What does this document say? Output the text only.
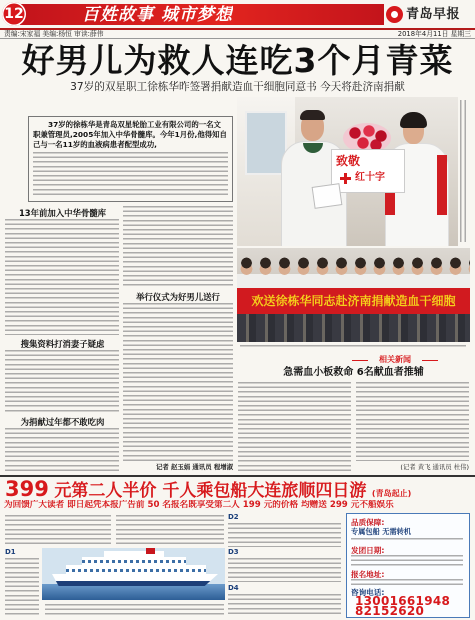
百姓故事 城市梦想
12	青岛早报
责编:宋家福 美编:杨恒 审读:薛伟	2018年4月11日 星期三
好男儿为救人连吃3个月青菜
37岁的双星职工徐栋华昨签署捐献造血干细胞同意书 今天将赴济南捐献

37岁的徐栋华是青岛双星轮胎工业有限公司的一名文职兼管理员,2005年加入中华骨髓库。今年1月份,他得知自己与一名11岁的血液病患者配型成功,

13年前加入中华骨髓库
搜集资料打消妻子疑虑
为捐献过年都不敢吃肉
举行仪式为好男儿送行
记者 赵玉娟 通讯员 程增淑
致敬
红十字
欢送徐栋华同志赴济南捐献造血干细胞
相关新闻
急需血小板救命 6名献血者推辅
(记者 黄飞 通讯员 杜伟)
399 元第二人半价 千人乘包船大连旅顺四日游 (青岛起止)
为回馈广大读者 即日起凭本报广告前 50 名报名既享受第二人 199 元的价格 均赠送 299 元不船娱乐
D1
D2
D3
D4
品质保障:
专属包船 无需转机
发团日期:
报名地址:
咨询电话:
13001661948
82152620
